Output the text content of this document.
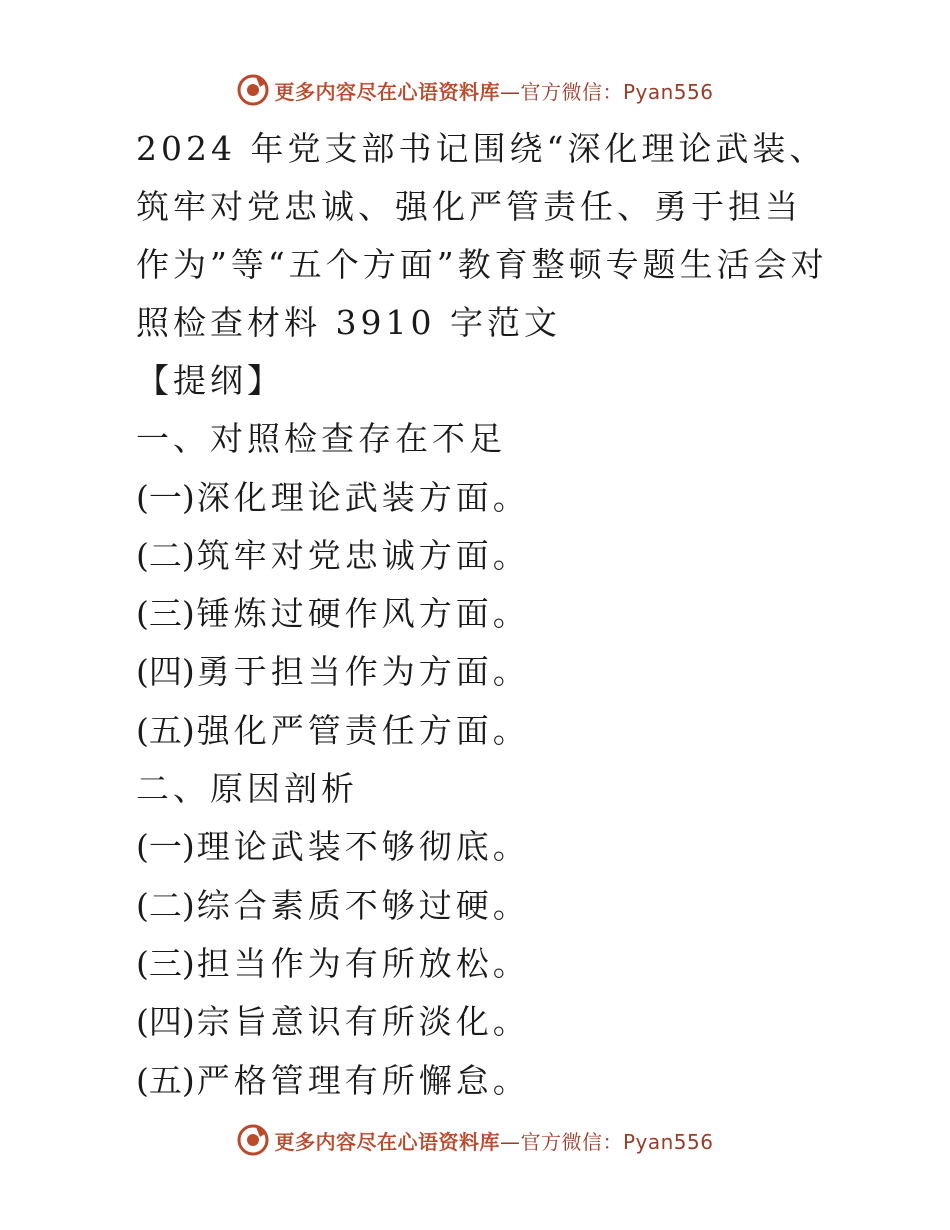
更多内容尽在心语资料库—官方微信：Pyan556
2024 年党支部书记围绕“深化理论武装、
筑牢对党忠诚、强化严管责任、勇于担当
作为”等“五个方面”教育整顿专题生活会对
照检查材料 3910 字范文
【提纲】
一、对照检查存在不足
(一)深化理论武装方面。
(二)筑牢对党忠诚方面。
(三)锤炼过硬作风方面。
(四)勇于担当作为方面。
(五)强化严管责任方面。
二、原因剖析
(一)理论武装不够彻底。
(二)综合素质不够过硬。
(三)担当作为有所放松。
(四)宗旨意识有所淡化。
(五)严格管理有所懈怠。
更多内容尽在心语资料库—官方微信：Pyan556
